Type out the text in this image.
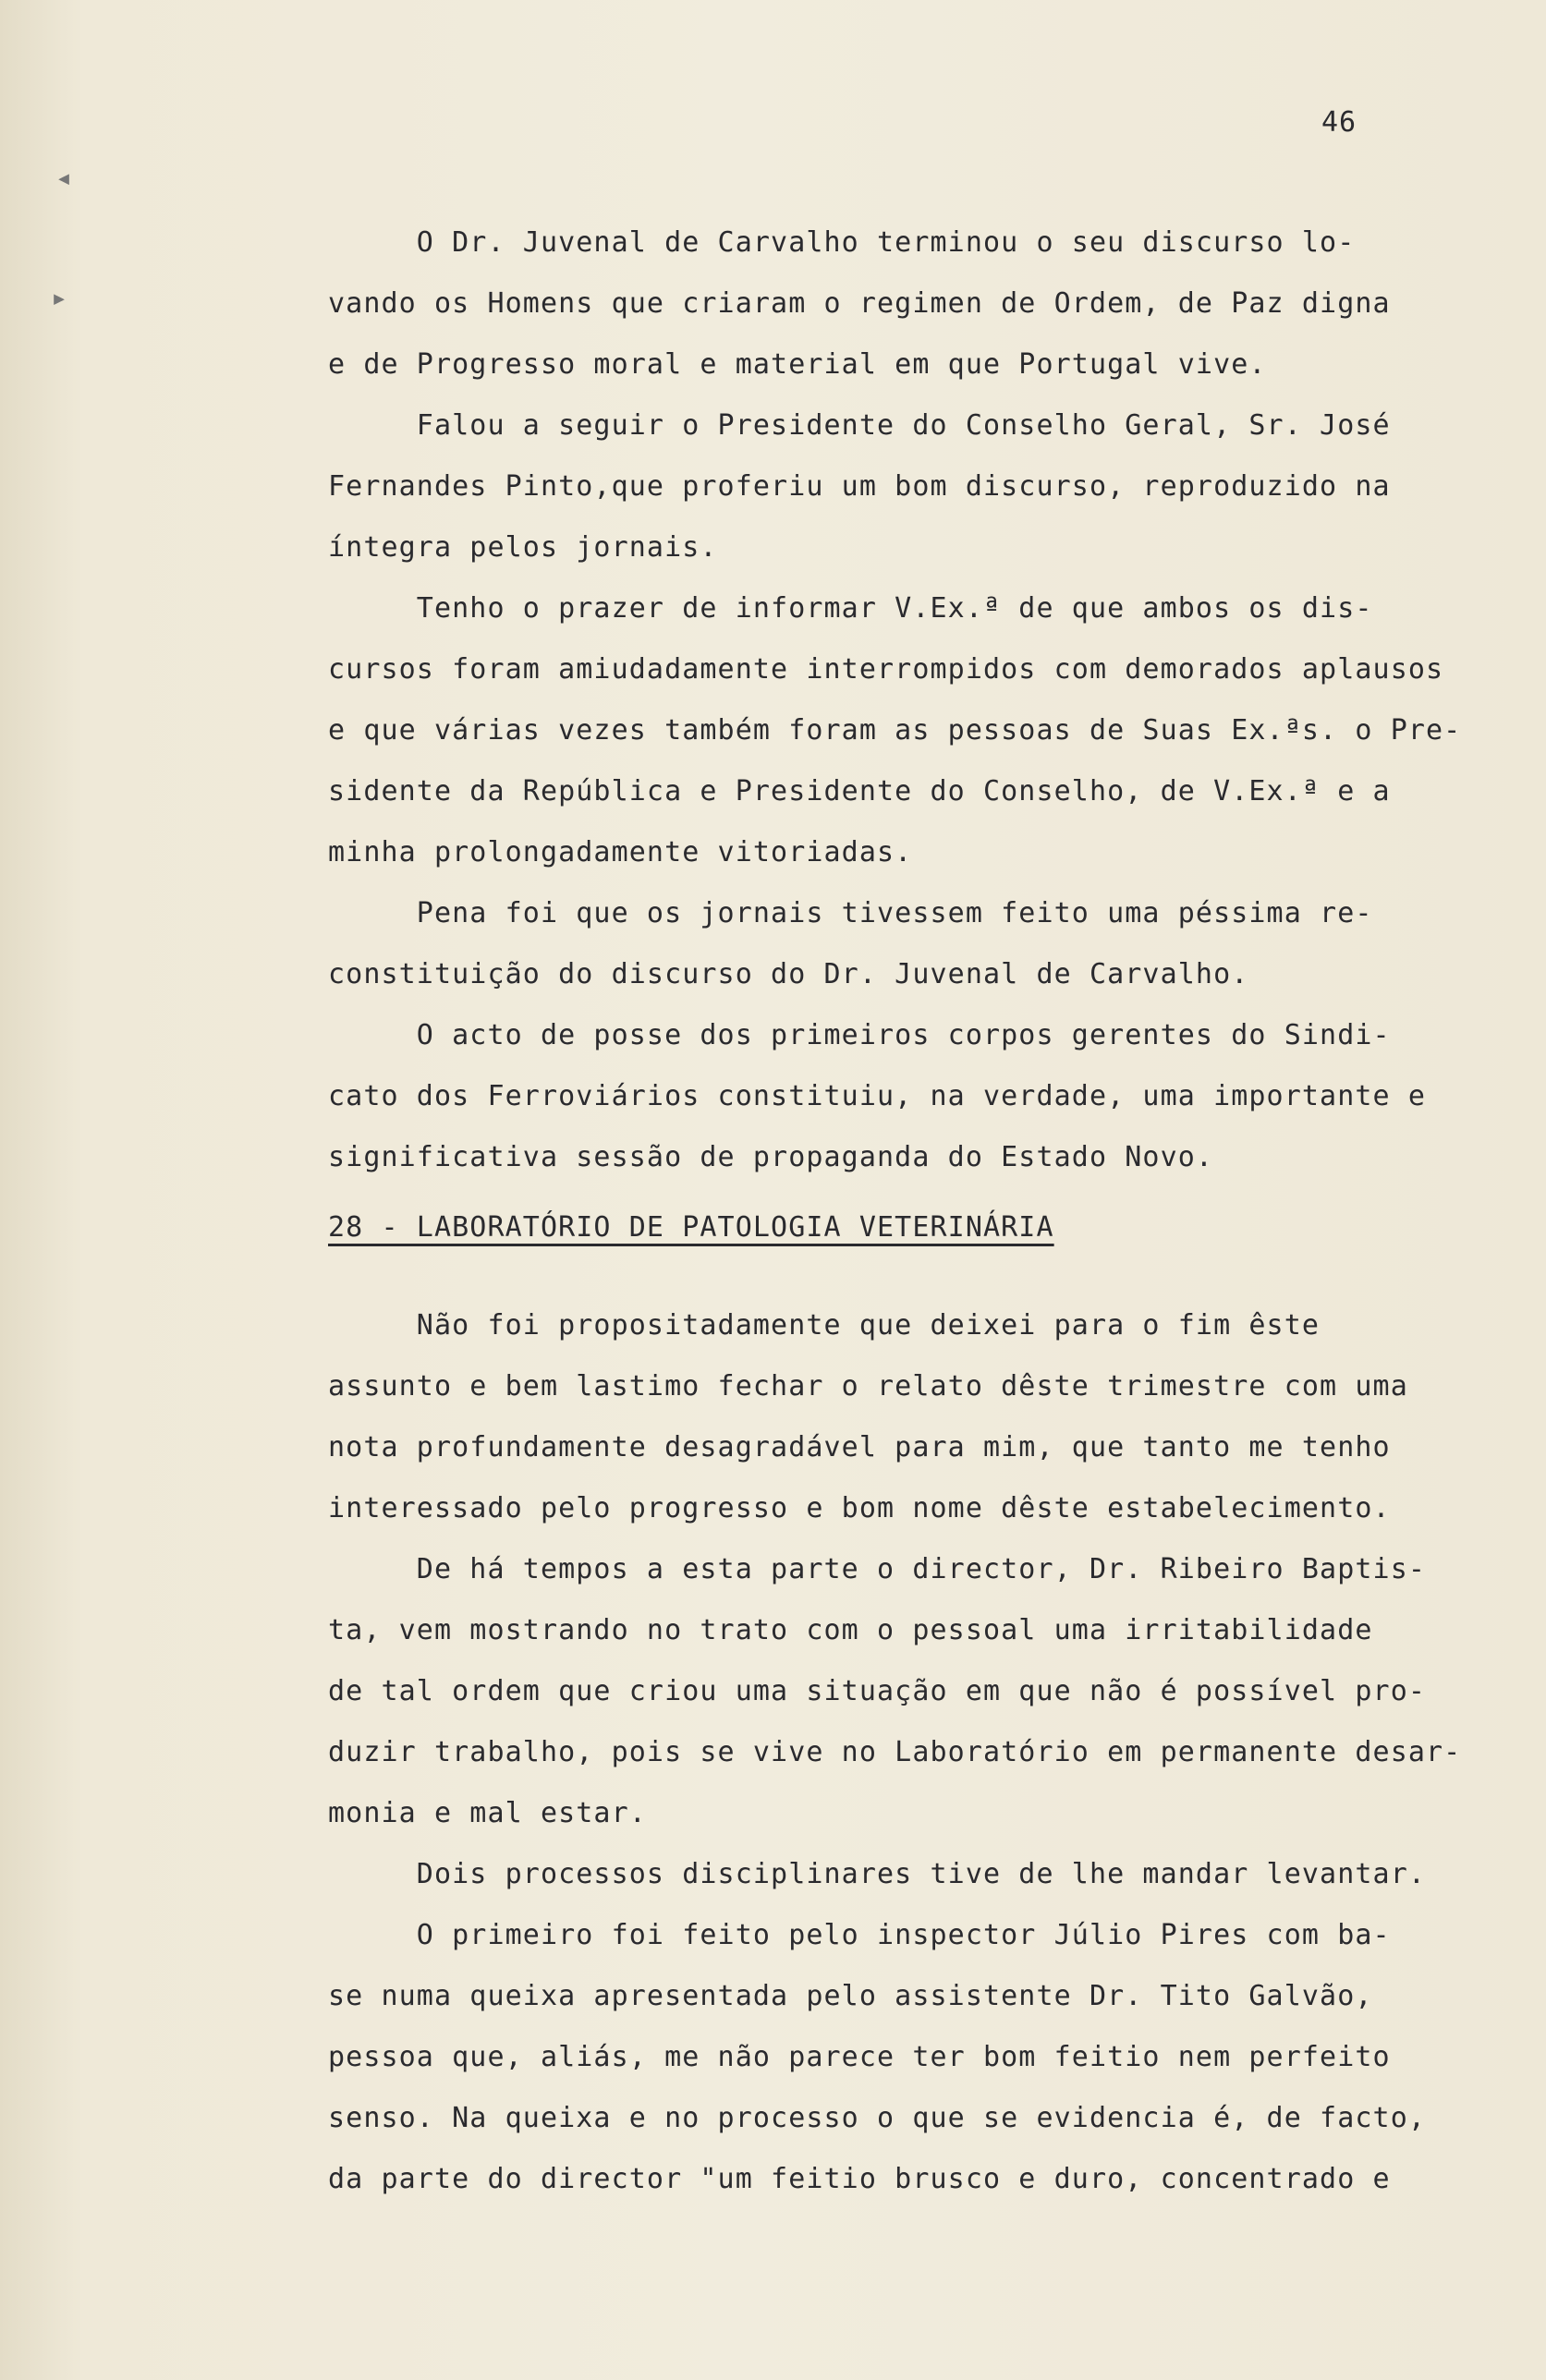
◂
▸
46
O Dr. Juvenal de Carvalho terminou o seu discurso lo-
vando os Homens que criaram o regimen de Ordem, de Paz digna
e de Progresso moral e material em que Portugal vive.
Falou a seguir o Presidente do Conselho Geral, Sr. José
Fernandes Pinto,que proferiu um bom discurso, reproduzido na
íntegra pelos jornais.
Tenho o prazer de informar V.Ex.ª de que ambos os dis-
cursos foram amiudadamente interrompidos com demorados aplausos
e que várias vezes também foram as pessoas de Suas Ex.ªs. o Pre-
sidente da República e Presidente do Conselho, de V.Ex.ª e a
minha prolongadamente vitoriadas.
Pena foi que os jornais tivessem feito uma péssima re-
constituição do discurso do Dr. Juvenal de Carvalho.
O acto de posse dos primeiros corpos gerentes do Sindi-
cato dos Ferroviários constituiu, na verdade, uma importante e
significativa sessão de propaganda do Estado Novo.
28 - LABORATÓRIO DE PATOLOGIA VETERINÁRIA
Não foi propositadamente que deixei para o fim êste
assunto e bem lastimo fechar o relato dêste trimestre com uma
nota profundamente desagradável para mim, que tanto me tenho
interessado pelo progresso e bom nome dêste estabelecimento.
De há tempos a esta parte o director, Dr. Ribeiro Baptis-
ta, vem mostrando no trato com o pessoal uma irritabilidade
de tal ordem que criou uma situação em que não é possível pro-
duzir trabalho, pois se vive no Laboratório em permanente desar-
monia e mal estar.
Dois processos disciplinares tive de lhe mandar levantar.
O primeiro foi feito pelo inspector Júlio Pires com ba-
se numa queixa apresentada pelo assistente Dr. Tito Galvão,
pessoa que, aliás, me não parece ter bom feitio nem perfeito
senso. Na queixa e no processo o que se evidencia é, de facto,
da parte do director "um feitio brusco e duro, concentrado e
